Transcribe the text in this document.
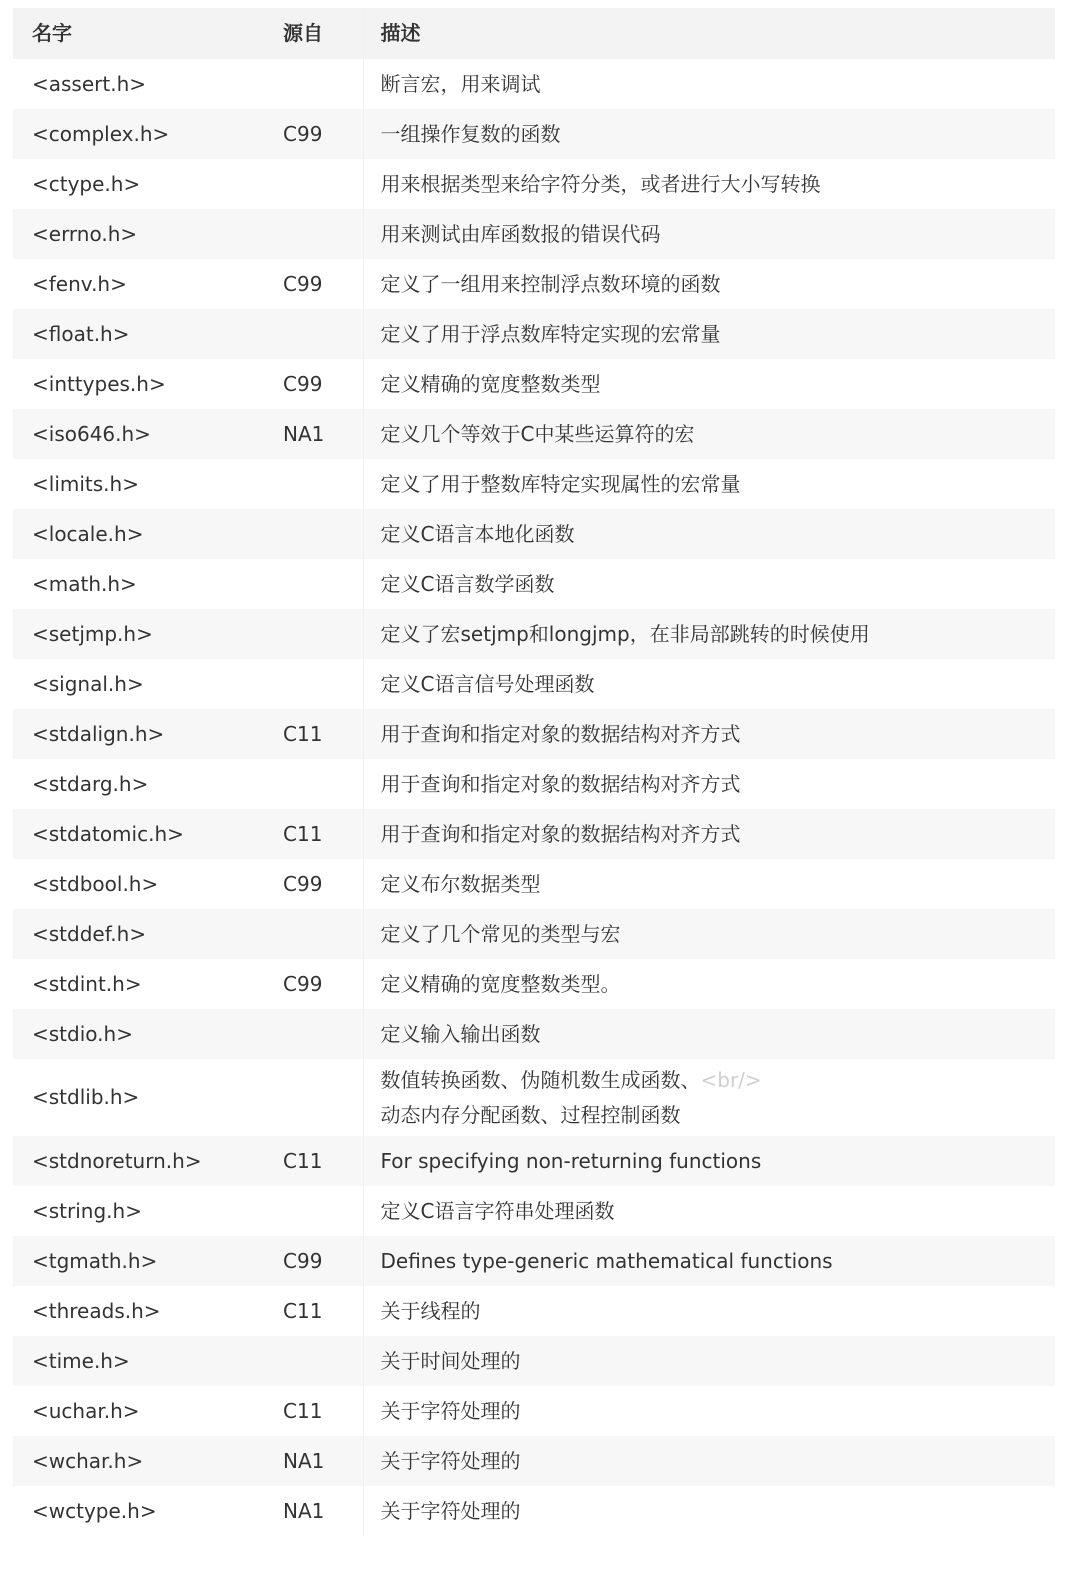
名字	源自	描述
<assert.h>		断言宏，用来调试
<complex.h>	C99	一组操作复数的函数
<ctype.h>		用来根据类型来给字符分类，或者进行大小写转换
<errno.h>		用来测试由库函数报的错误代码
<fenv.h>	C99	定义了一组用来控制浮点数环境的函数
<float.h>		定义了用于浮点数库特定实现的宏常量
<inttypes.h>	C99	定义精确的宽度整数类型
<iso646.h>	NA1	定义几个等效于C中某些运算符的宏
<limits.h>		定义了用于整数库特定实现属性的宏常量
<locale.h>		定义C语言本地化函数
<math.h>		定义C语言数学函数
<setjmp.h>		定义了宏setjmp和longjmp，在非局部跳转的时候使用
<signal.h>		定义C语言信号处理函数
<stdalign.h>	C11	用于查询和指定对象的数据结构对齐方式
<stdarg.h>		用于查询和指定对象的数据结构对齐方式
<stdatomic.h>	C11	用于查询和指定对象的数据结构对齐方式
<stdbool.h>	C99	定义布尔数据类型
<stddef.h>		定义了几个常见的类型与宏
<stdint.h>	C99	定义精确的宽度整数类型。
<stdio.h>		定义输入输出函数
<stdlib.h>		数值转换函数、伪随机数生成函数、<br/>
动态内存分配函数、过程控制函数

<stdnoreturn.h>	C11	For specifying non-returning functions
<string.h>		定义C语言字符串处理函数
<tgmath.h>	C99	Defines type-generic mathematical functions
<threads.h>	C11	关于线程的
<time.h>		关于时间处理的
<uchar.h>	C11	关于字符处理的
<wchar.h>	NA1	关于字符处理的
<wctype.h>	NA1	关于字符处理的
